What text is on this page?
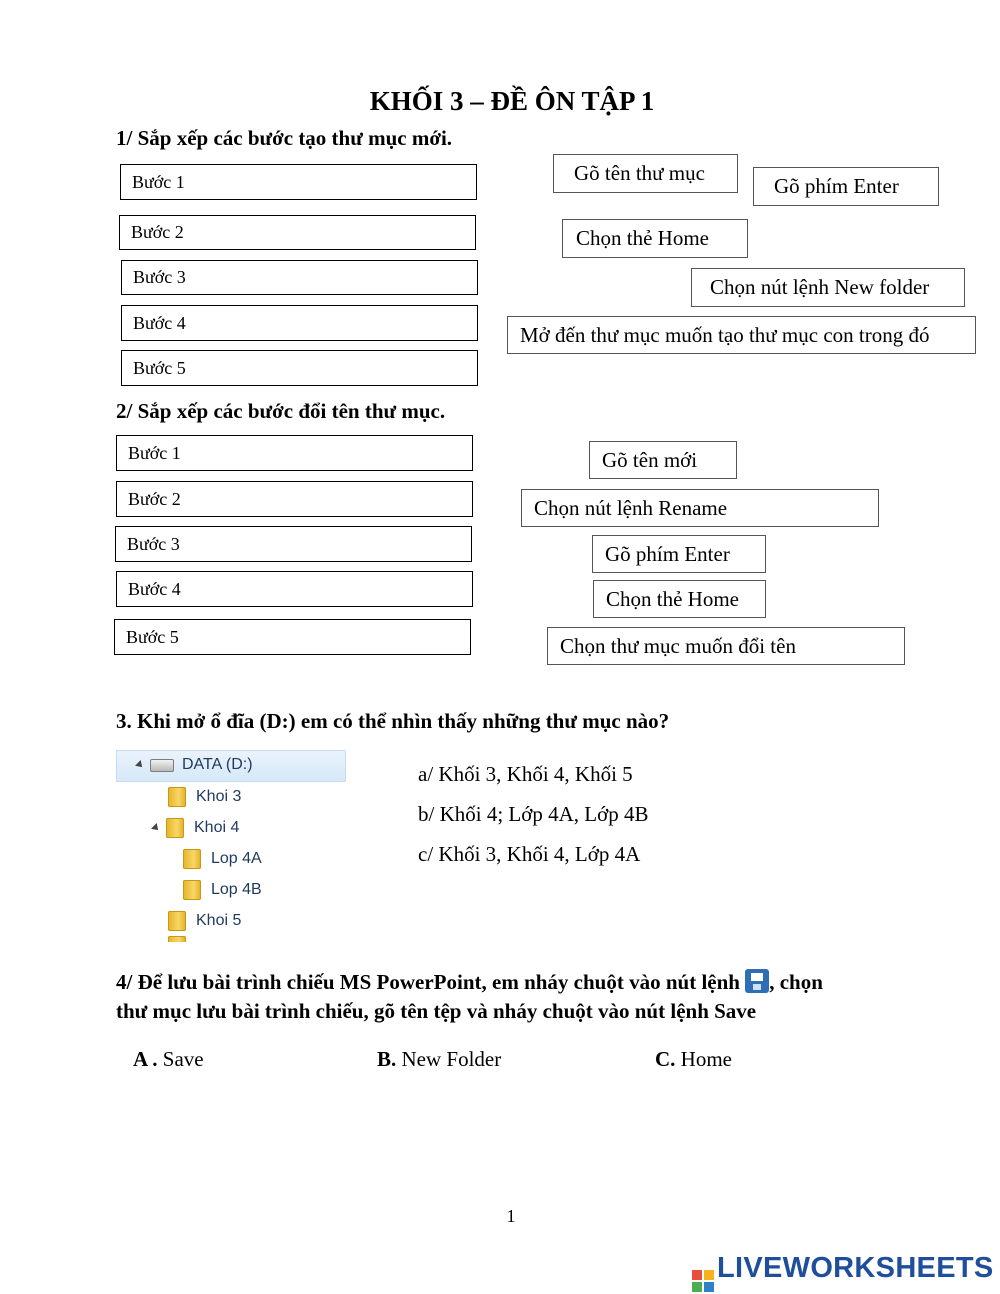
KHỐI 3 – ĐỀ ÔN TẬP 1
1/ Sắp xếp các bước tạo thư mục mới.
Bước 1
Bước 2
Bước 3
Bước 4
Bước 5
Gõ tên thư mục
Gõ phím Enter
Chọn thẻ Home
Chọn nút lệnh New folder
Mở đến thư mục muốn tạo thư mục con trong đó
2/ Sắp xếp các bước đổi tên thư mục.
Bước 1
Bước 2
Bước 3
Bước 4
Bước 5
Gõ tên mới
Chọn nút lệnh Rename
Gõ phím Enter
Chọn thẻ Home
Chọn thư mục muốn đổi tên
3. Khi mở ổ đĩa (D:) em có thể nhìn thấy những thư mục nào?
DATA (D:)
Khoi 3
Khoi 4
Lop 4A
Lop 4B
Khoi 5
a/ Khối 3, Khối 4, Khối 5
b/ Khối 4; Lớp 4A, Lớp 4B
c/ Khối 3, Khối 4, Lớp 4A
4/ Để lưu bài trình chiếu MS PowerPoint, em nháy chuột vào nút lệnh , chọn
thư mục lưu bài trình chiếu, gõ tên tệp và nháy chuột vào nút lệnh Save
A . Save	B. New Folder	C. Home
1
LIVEWORKSHEETS
